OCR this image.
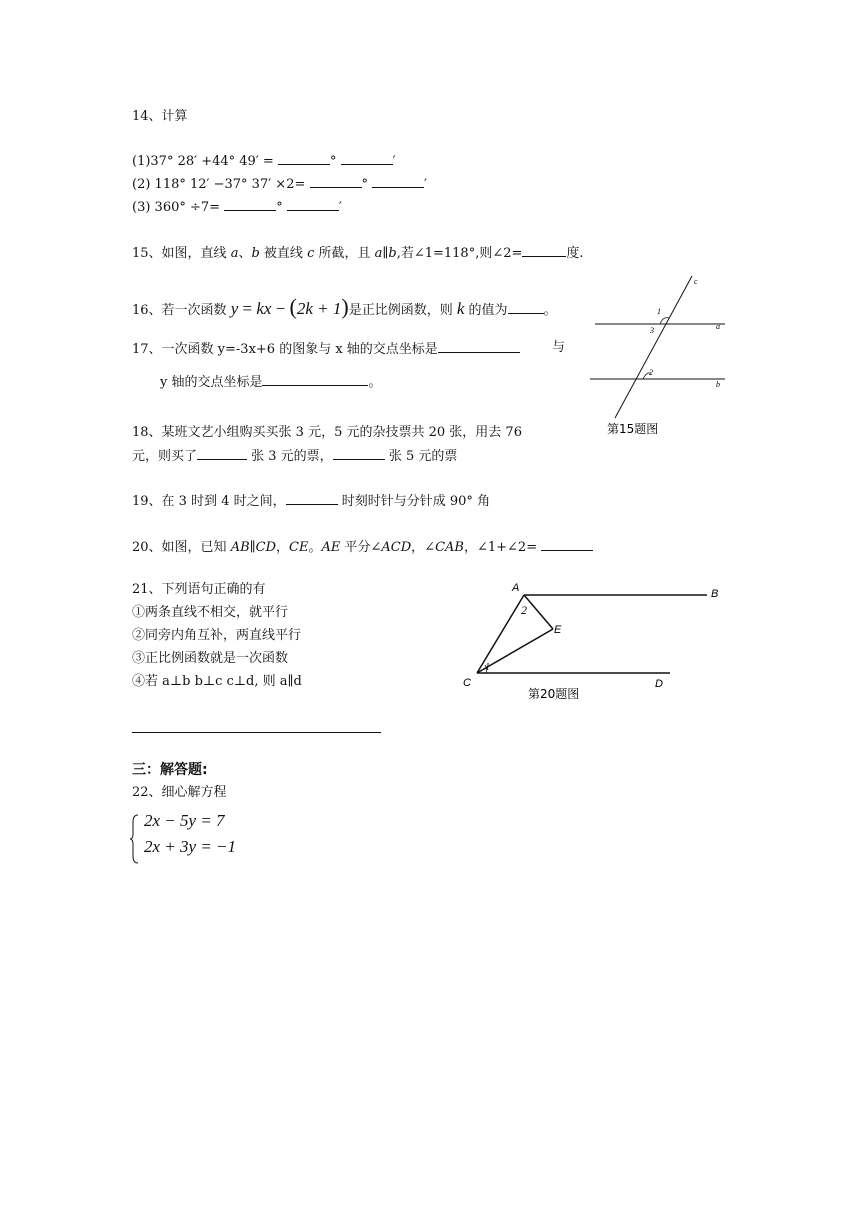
14、计算
(1)37° 28′ +44° 49′ =	°	′
(2) 118° 12′ −37° 37′ ×2=	°	′
(3) 360° ÷7=	°	′
15、如图，直线 a、b 被直线 c 所截，且 a∥b,若∠1=118°,则∠2=	度.
16、若一次函数 y = kx − (2k + 1)是正比例函数，则 k 的值为	。
17、一次函数 y=-3x+6 的图象与 x 轴的交点坐标是	与
y 轴的交点坐标是	。
18、某班文艺小组购买买张 3 元，5 元的杂技票共 20 张，用去 76
元，则买了	张 3 元的票，	张 5 元的票
19、在 3 时到 4 时之间，	时刻时针与分针成 90° 角
20、如图，已知 AB∥CD，CE。AE 平分∠ACD，∠CAB，∠1+∠2=
21、下列语句正确的有
①两条直线不相交，就平行
②同旁内角互补，两直线平行
③正比例函数就是一次函数
④若 a⊥b b⊥c c⊥d, 则 a∥d
三：解答题:
22、细心解方程
2x − 5y = 7
2x + 3y = −1
c
a
b
1
3
2
第15题图
A	B
E
C	D
2
1
第20题图
